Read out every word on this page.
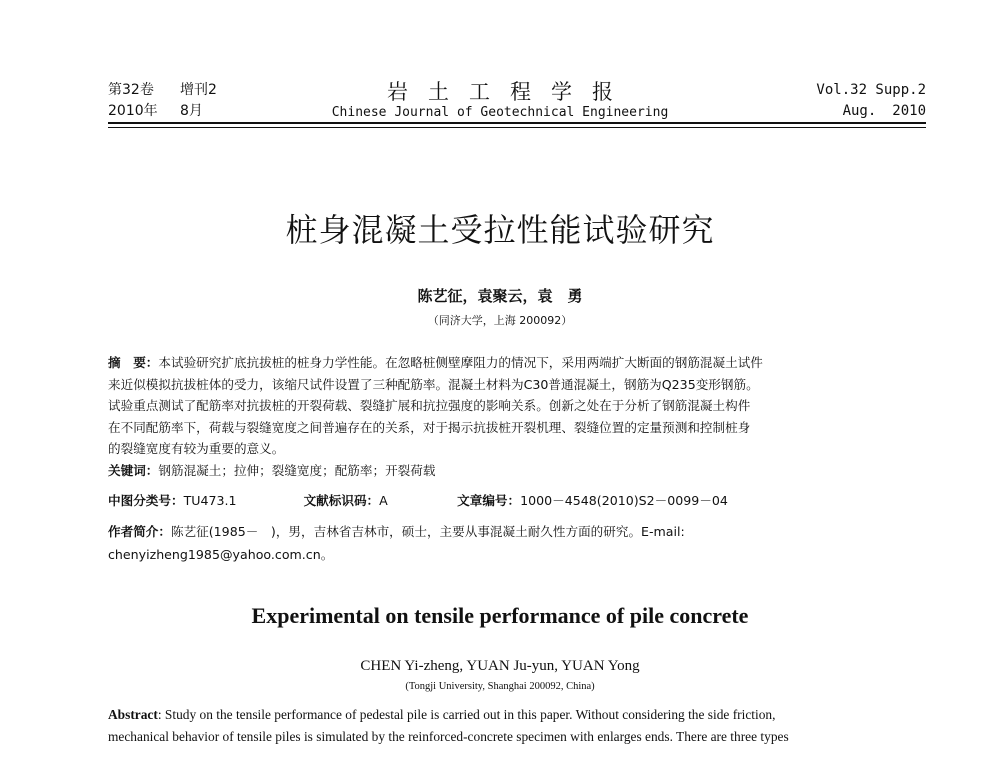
第32卷 增刊2
2010年 8月
岩土工程学报
Chinese Journal of Geotechnical Engineering
Vol.32 Supp.2
Aug. 2010
桩身混凝土受拉性能试验研究
陈艺征，袁聚云，袁　勇
（同济大学，上海 200092）

摘　要：本试验研究扩底抗拔桩的桩身力学性能。在忽略桩侧壁摩阻力的情况下，采用两端扩大断面的钢筋混凝土试件

来近似模拟抗拔桩体的受力，该缩尺试件设置了三种配筋率。混凝土材料为C30普通混凝土，钢筋为Q235变形钢筋。

试验重点测试了配筋率对抗拔桩的开裂荷载、裂缝扩展和抗拉强度的影响关系。创新之处在于分析了钢筋混凝土构件

在不同配筋率下，荷载与裂缝宽度之间普遍存在的关系，对于揭示抗拔桩开裂机理、裂缝位置的定量预测和控制桩身

的裂缝宽度有较为重要的意义。

关键词：钢筋混凝土；拉伸；裂缝宽度；配筋率；开裂荷载
中图分类号：TU473.1	文献标识码：A	文章编号：1000－4548(2010)S2－0099－04

作者简介：陈艺征(1985－　)，男，吉林省吉林市，硕士，主要从事混凝土耐久性方面的研究。E-mail:

chenyizheng1985@yahoo.com.cn。

Experimental on tensile performance of pile concrete
CHEN Yi-zheng, YUAN Ju-yun, YUAN Yong
(Tongji University, Shanghai 200092, China)

Abstract: Study on the tensile performance of pedestal pile is carried out in this paper. Without considering the side friction,

mechanical behavior of tensile piles is simulated by the reinforced-concrete specimen with enlarges ends. There are three types
